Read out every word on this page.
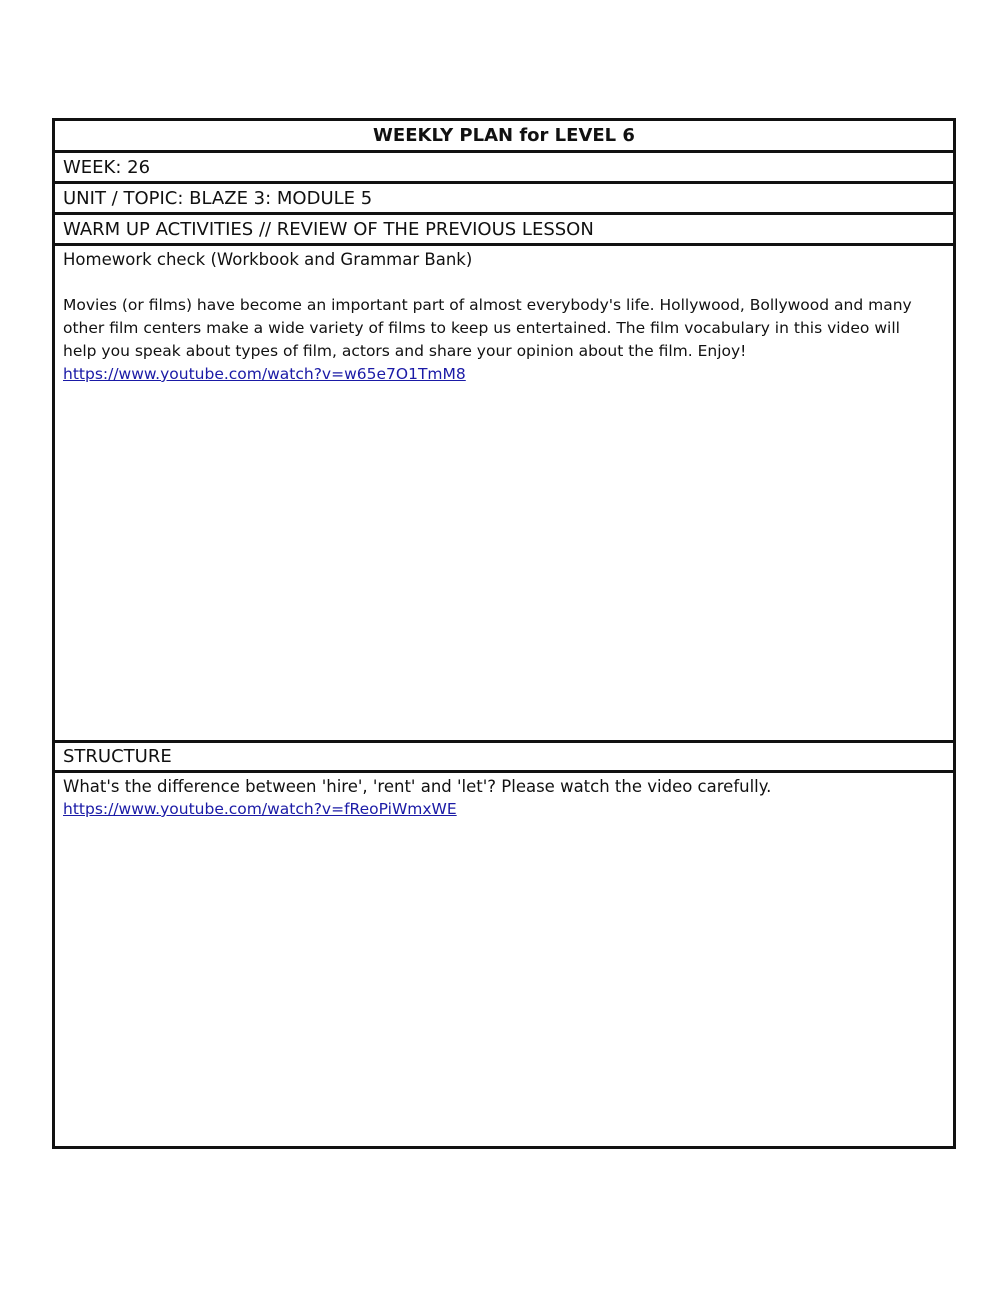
WEEKLY PLAN for LEVEL 6
WEEK: 26
UNIT / TOPIC: BLAZE 3: MODULE 5
WARM UP ACTIVITIES // REVIEW OF THE PREVIOUS LESSON
Homework check (Workbook and Grammar Bank)
Movies (or films) have become an important part of almost everybody's life. Hollywood, Bollywood and many other film centers make a wide variety of films to keep us entertained. The film vocabulary in this video will help you speak about types of film, actors and share your opinion about the film. Enjoy!
https://www.youtube.com/watch?v=w65e7O1TmM8
STRUCTURE
What's the difference between 'hire', 'rent' and 'let'? Please watch the video carefully.
https://www.youtube.com/watch?v=fReoPiWmxWE
